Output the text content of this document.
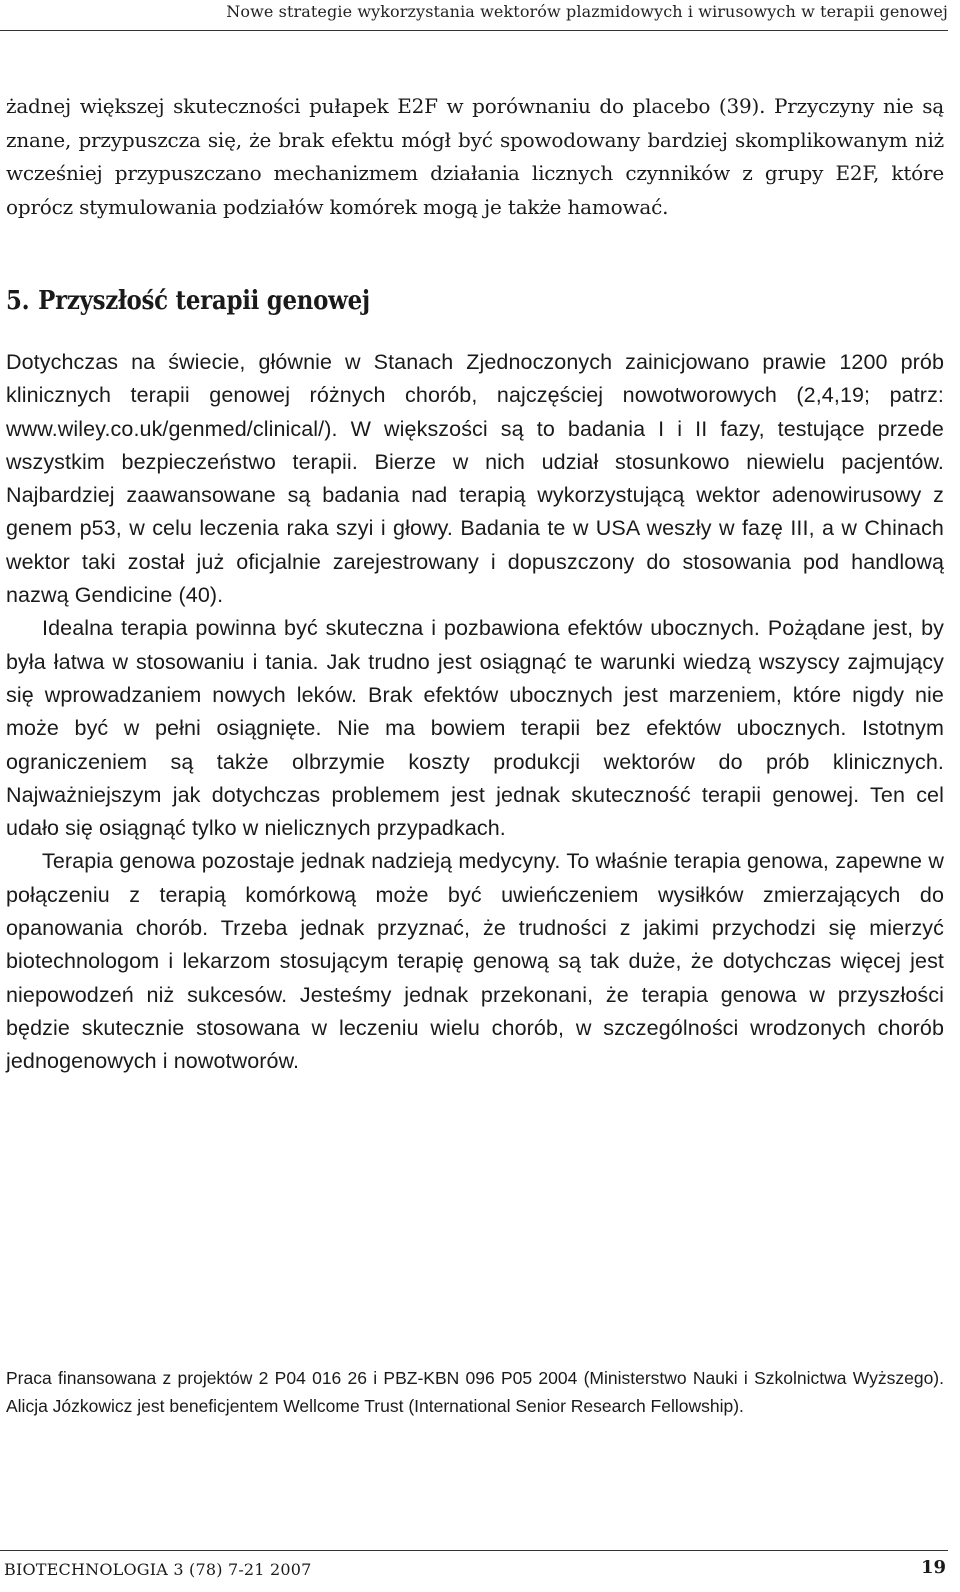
Nowe strategie wykorzystania wektorów plazmidowych i wirusowych w terapii genowej

żadnej większej skuteczności pułapek E2F w porównaniu do placebo (39). Przyczyny nie są znane, przypuszcza się, że brak efektu mógł być spowodowany bardziej skomplikowanym niż wcześniej przypuszczano mechanizmem działania licznych czynników z grupy E2F, które oprócz stymulowania podziałów komórek mogą je także hamować.

5. Przyszłość terapii genowej

Dotychczas na świecie, głównie w Stanach Zjednoczonych zainicjowano prawie 1200 prób klinicznych terapii genowej różnych chorób, najczęściej nowotworowych (2,4,19; patrz: www.wiley.co.uk/genmed/clinical/). W większości są to badania I i II fazy, testujące przede wszystkim bezpieczeństwo terapii. Bierze w nich udział stosunkowo niewielu pacjentów. Najbardziej zaawansowane są badania nad terapią wykorzystującą wektor adenowirusowy z genem p53, w celu leczenia raka szyi i głowy. Badania te w USA weszły w fazę III, a w Chinach wektor taki został już oficjalnie zarejestrowany i dopuszczony do stosowania pod handlową nazwą Gendicine (40).

Idealna terapia powinna być skuteczna i pozbawiona efektów ubocznych. Pożądane jest, by była łatwa w stosowaniu i tania. Jak trudno jest osiągnąć te warunki wiedzą wszyscy zajmujący się wprowadzaniem nowych leków. Brak efektów ubocznych jest marzeniem, które nigdy nie może być w pełni osiągnięte. Nie ma bowiem terapii bez efektów ubocznych. Istotnym ograniczeniem są także olbrzymie koszty produkcji wektorów do prób klinicznych. Najważniejszym jak dotychczas problemem jest jednak skuteczność terapii genowej. Ten cel udało się osiągnąć tylko w nielicznych przypadkach.

Terapia genowa pozostaje jednak nadzieją medycyny. To właśnie terapia genowa, zapewne w połączeniu z terapią komórkową może być uwieńczeniem wysiłków zmierzających do opanowania chorób. Trzeba jednak przyznać, że trudności z jakimi przychodzi się mierzyć biotechnologom i lekarzom stosującym terapię genową są tak duże, że dotychczas więcej jest niepowodzeń niż sukcesów. Jesteśmy jednak przekonani, że terapia genowa w przyszłości będzie skutecznie stosowana w leczeniu wielu chorób, w szczególności wrodzonych chorób jednogenowych i nowotworów.

Praca finansowana z projektów 2 P04 016 26 i PBZ-KBN 096 P05 2004 (Ministerstwo Nauki i Szkolnictwa Wyższego). Alicja Józkowicz jest beneficjentem Wellcome Trust (International Senior Research Fellowship).

BIOTECHNOLOGIA 3 (78) 7-21 2007	19
